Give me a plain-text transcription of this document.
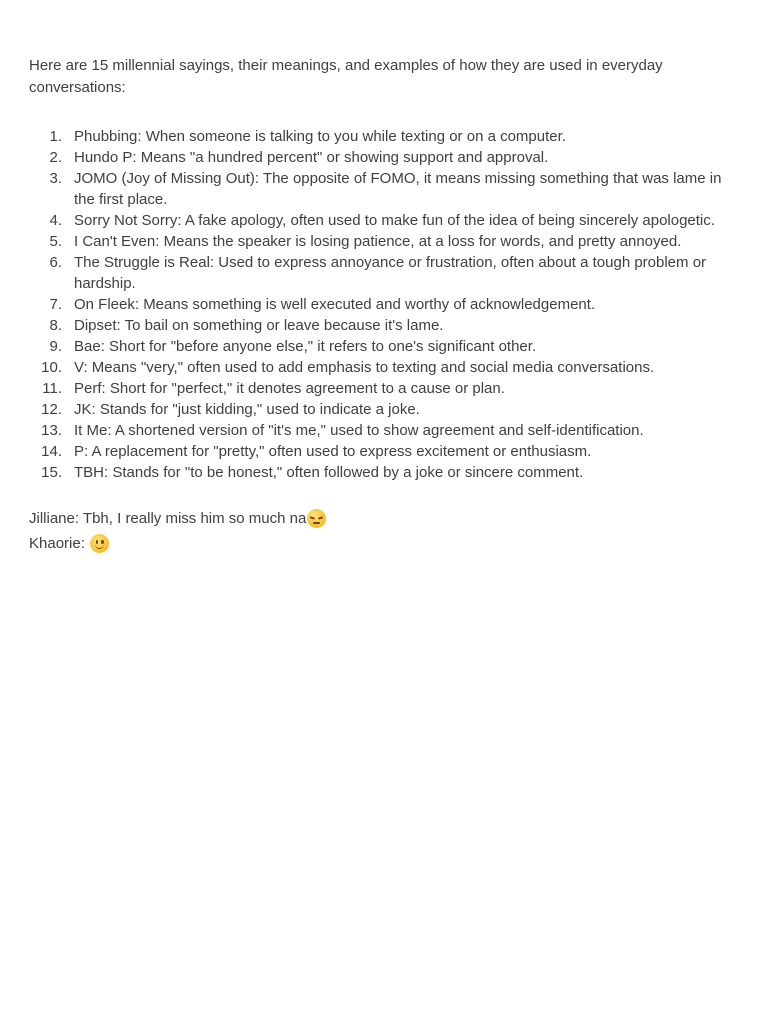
Here are 15 millennial sayings, their meanings, and examples of how they are used in everyday conversations:

1. Phubbing: When someone is talking to you while texting or on a computer.
2. Hundo P: Means "a hundred percent" or showing support and approval.
3. JOMO (Joy of Missing Out): The opposite of FOMO, it means missing something that was lame in the first place.
4. Sorry Not Sorry: A fake apology, often used to make fun of the idea of being sincerely apologetic.
5. I Can't Even: Means the speaker is losing patience, at a loss for words, and pretty annoyed.
6. The Struggle is Real: Used to express annoyance or frustration, often about a tough problem or hardship.
7. On Fleek: Means something is well executed and worthy of acknowledgement.
8. Dipset: To bail on something or leave because it's lame.
9. Bae: Short for "before anyone else," it refers to one's significant other.
10. V: Means "very," often used to add emphasis to texting and social media conversations.
11. Perf: Short for "perfect," it denotes agreement to a cause or plan.
12. JK: Stands for "just kidding," used to indicate a joke.
13. It Me: A shortened version of "it's me," used to show agreement and self-identification.
14. P: A replacement for "pretty," often used to express excitement or enthusiasm.
15. TBH: Stands for "to be honest," often followed by a joke or sincere comment.
Jilliane: Tbh, I really miss him so much na
Khaorie:
